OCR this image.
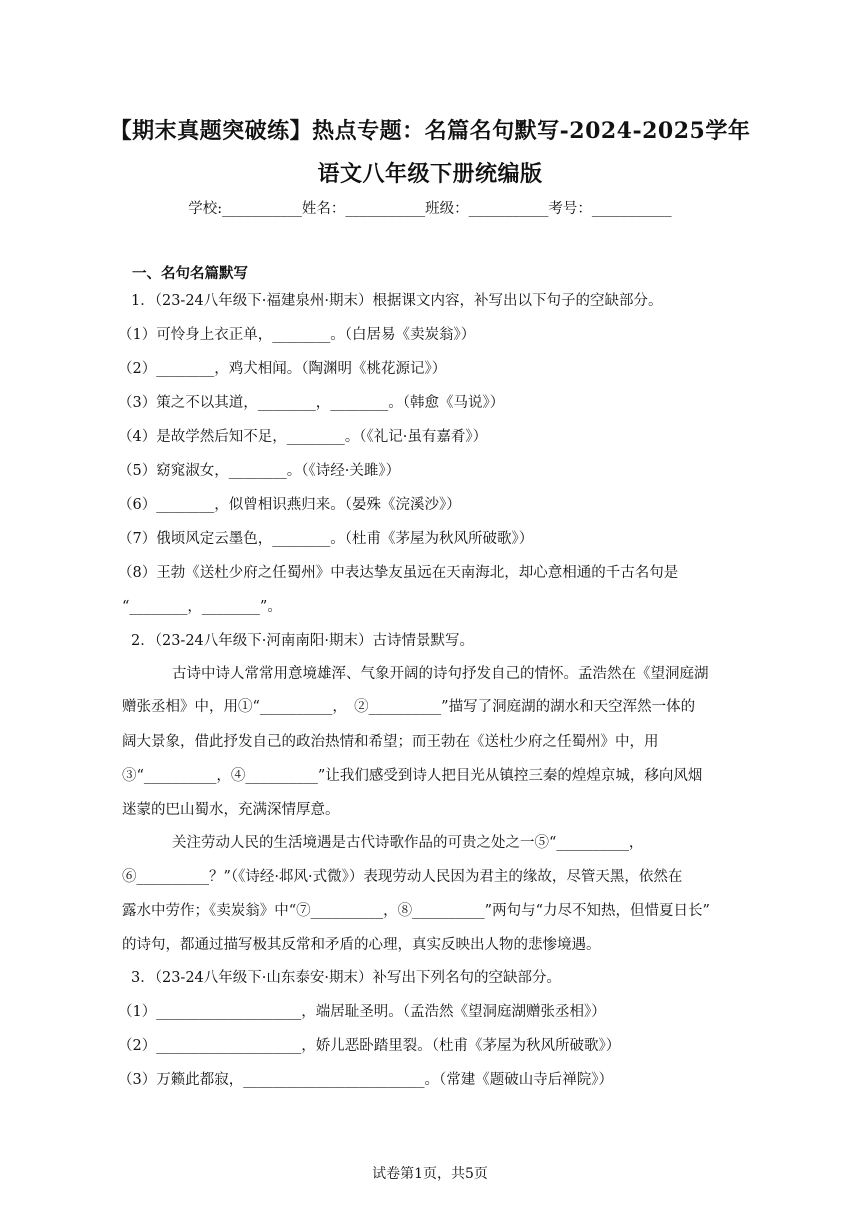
【期末真题突破练】热点专题：名篇名句默写-2024-2025学年
语文八年级下册统编版
学校:___________姓名：___________班级：___________考号：___________
一、名句名篇默写
1．（23-24八年级下·福建泉州·期末）根据课文内容，补写出以下句子的空缺部分。
（1）可怜身上衣正单，________。（白居易《卖炭翁》）
（2）________，鸡犬相闻。（陶渊明《桃花源记》）
（3）策之不以其道，________，________。（韩愈《马说》）
（4）是故学然后知不足，________。（《礼记·虽有嘉肴》）
（5）窈窕淑女，________。（《诗经·关雎》）
（6）________，似曾相识燕归来。（晏殊《浣溪沙》）
（7）俄顷风定云墨色，________。（杜甫《茅屋为秋风所破歌》）
（8）王勃《送杜少府之任蜀州》中表达挚友虽远在天南海北，却心意相通的千古名句是
“________，________”。
2．（23-24八年级下·河南南阳·期末）古诗情景默写。
古诗中诗人常常用意境雄浑、气象开阔的诗句抒发自己的情怀。孟浩然在《望洞庭湖
赠张丞相》中，用①“__________，　②__________”描写了洞庭湖的湖水和天空浑然一体的
阔大景象，借此抒发自己的政治热情和希望；而王勃在《送杜少府之任蜀州》中，用
③“__________，④__________”让我们感受到诗人把目光从镇控三秦的煌煌京城，移向风烟
迷蒙的巴山蜀水，充满深情厚意。
关注劳动人民的生活境遇是古代诗歌作品的可贵之处之一⑤“__________，
⑥__________？”（《诗经·邶风·式微》）表现劳动人民因为君主的缘故，尽管天黑，依然在
露水中劳作；《卖炭翁》中“⑦__________，⑧__________”两句与“力尽不知热，但惜夏日长”
的诗句，都通过描写极其反常和矛盾的心理，真实反映出人物的悲惨境遇。
3．（23-24八年级下·山东泰安·期末）补写出下列名句的空缺部分。
（1）____________________，端居耻圣明。（孟浩然《望洞庭湖赠张丞相》）
（2）____________________，娇儿恶卧踏里裂。（杜甫《茅屋为秋风所破歌》）
（3）万籁此都寂，_________________________。（常建《题破山寺后禅院》）
试卷第1页，共5页
